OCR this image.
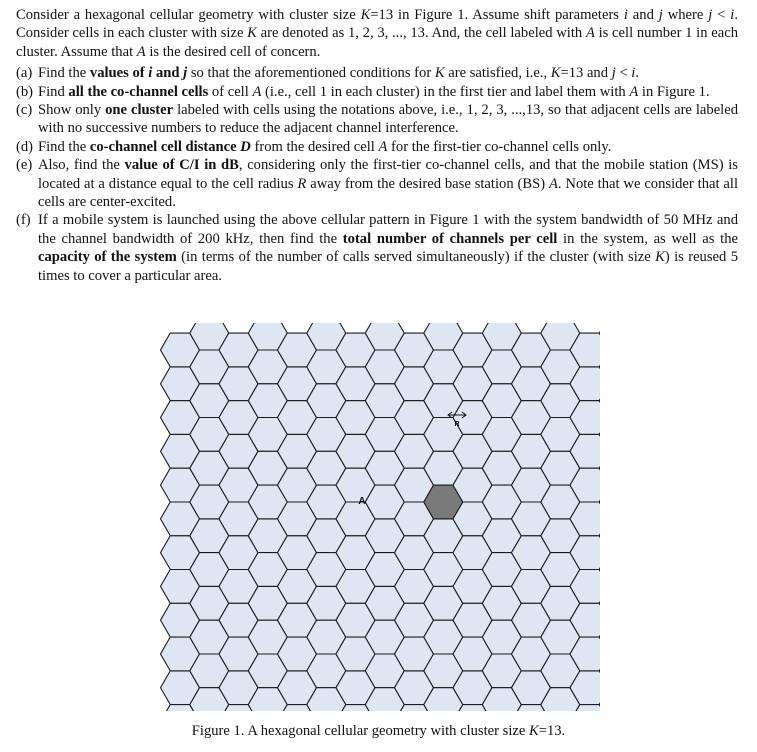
Consider a hexagonal cellular geometry with cluster size K=13 in Figure 1. Assume shift parameters i and j where j < i. Consider cells in each cluster with size K are denoted as 1, 2, 3, ..., 13. And, the cell labeled with A is cell number 1 in each cluster. Assume that A is the desired cell of concern.

(a) Find the values of i and j so that the aforementioned conditions for K are satisfied, i.e., K=13 and j < i.
(b) Find all the co-channel cells of cell A (i.e., cell 1 in each cluster) in the first tier and label them with A in Figure 1.
(c) Show only one cluster labeled with cells using the notations above, i.e., 1, 2, 3, ...,13, so that adjacent cells are labeled with no successive numbers to reduce the adjacent channel interference.
(d) Find the co-channel cell distance D from the desired cell A for the first-tier co-channel cells only.
(e) Also, find the value of C/I in dB, considering only the first-tier co-channel cells, and that the mobile station (MS) is located at a distance equal to the cell radius R away from the desired base station (BS) A. Note that we consider that all cells are center-excited.
(f) If a mobile system is launched using the above cellular pattern in Figure 1 with the system bandwidth of 50 MHz and the channel bandwidth of 200 kHz, then find the total number of channels per cell in the system, as well as the capacity of the system (in terms of the number of calls served simultaneously) if the cluster (with size K) is reused 5 times to cover a particular area.
A
R
Figure 1. A hexagonal cellular geometry with cluster size K=13.
